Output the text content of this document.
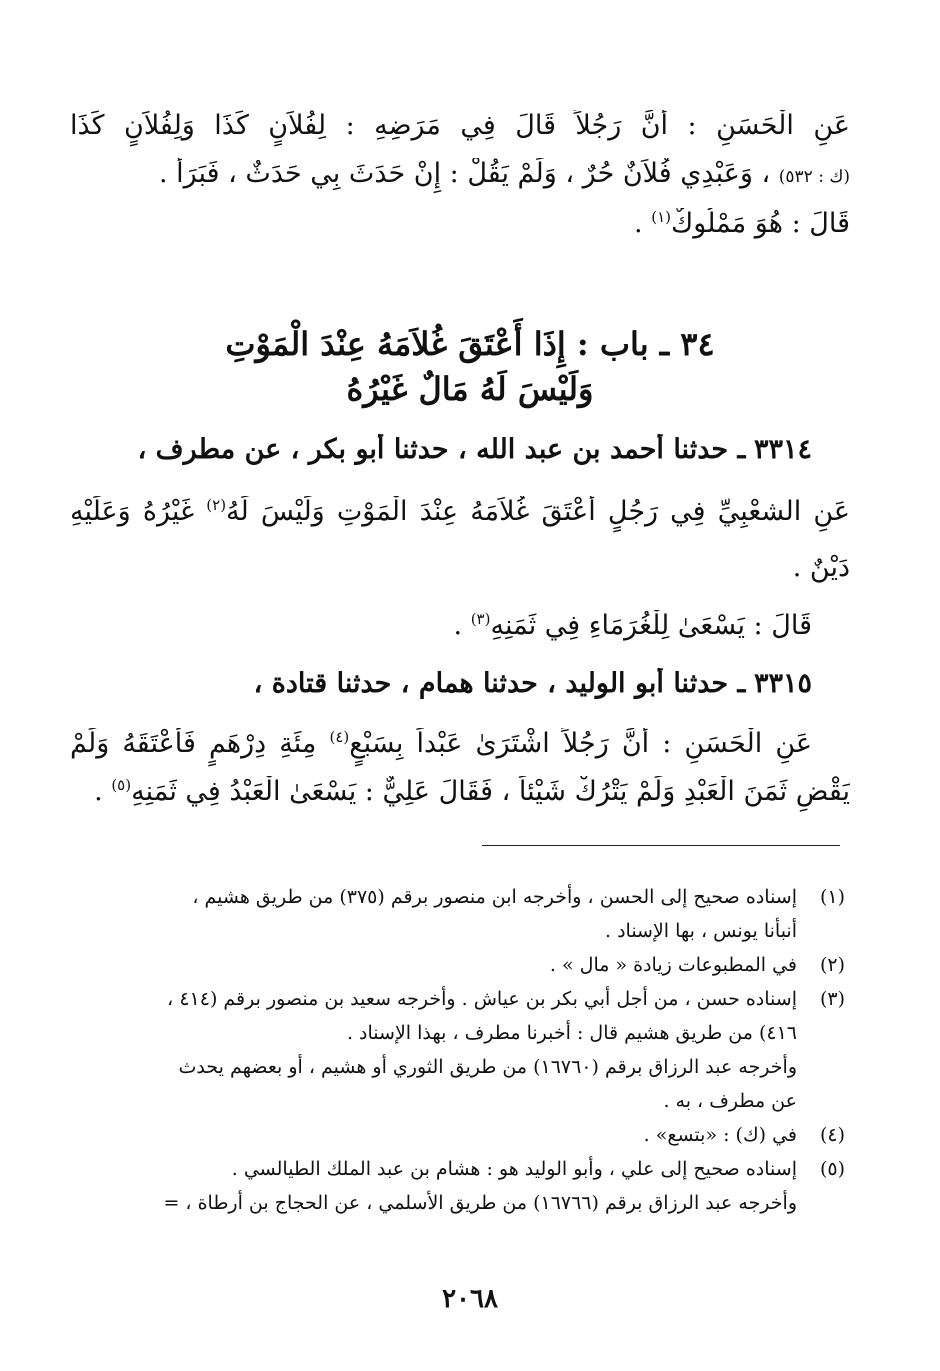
عَنِ الْحَسَنِ : أَنَّ رَجُلاً قَالَ فِي مَرَضِهِ : لِفُلاَنٍ كَذَا وَلِفُلاَنٍ كَذَا
(ك : ٥٣٢) ، وَعَبْدِي فُلاَنٌ حُرٌ ، وَلَمْ يَقُلْ : إِنْ حَدَثَ بِي حَدَثٌ ، فَبَرَأَ .
قَالَ : هُوَ مَمْلُوكٌ$^{(١)}$ .
٣٤ ـ باب : إِذَا أَعْتَقَ غُلاَمَهُ عِنْدَ الْمَوْتِ
وَلَيْسَ لَهُ مَالٌ غَيْرُهُ
٣٣١٤ ـ حدثنا أحمد بن عبد الله ، حدثنا أبو بكر ، عن مطرف ،
عَنِ الشعْبِيِّ فِي رَجُلٍ أَعْتَقَ غُلاَمَهُ عِنْدَ الْمَوْتِ وَلَيْسَ لَهُ$^{(٢)}$ غَيْرُهُ وَعَلَيْهِ
دَيْنٌ .
قَالَ : يَسْعَىٰ لِلْغُرَمَاءِ فِي ثَمَنِهِ$^{(٣)}$ .
٣٣١٥ ـ حدثنا أبو الوليد ، حدثنا همام ، حدثنا قتادة ،
عَنِ الْحَسَنِ : أَنَّ رَجُلاً اشْتَرَىٰ عَبْداً بِسَبْعٍ$^{(٤)}$ مِئَةِ دِرْهَمٍ فَأَعْتَقَهُ وَلَمْ
يَقْضِ ثَمَنَ الْعَبْدِ وَلَمْ يَتْرُكْ شَيْئاً ، فَقَالَ عَلِيٌّ : يَسْعَىٰ الْعَبْدُ فِي ثَمَنِهِ$^{(٥)}$ .
(١)
إسناده صحيح إلى الحسن ، وأخرجه ابن منصور برقم (٣٧٥) من طريق هشيم ،
أنبأنا يونس ، بها الإسناد .
(٢)
في المطبوعات زيادة « مال » .
(٣)
إسناده حسن ، من أجل أبي بكر بن عياش . وأخرجه سعيد بن منصور برقم (٤١٤ ،
٤١٦) من طريق هشيم قال : أخبرنا مطرف ، بهذا الإسناد .
وأخرجه عبد الرزاق برقم (١٦٧٦٠) من طريق الثوري أو هشيم ، أو بعضهم يحدث
عن مطرف ، به .
(٤)
في (ك) : «بتسع» .
(٥)
إسناده صحيح إلى علي ، وأبو الوليد هو : هشام بن عبد الملك الطيالسي .
وأخرجه عبد الرزاق برقم (١٦٧٦٦) من طريق الأسلمي ، عن الحجاج بن أرطاة ، =
٢٠٦٨
